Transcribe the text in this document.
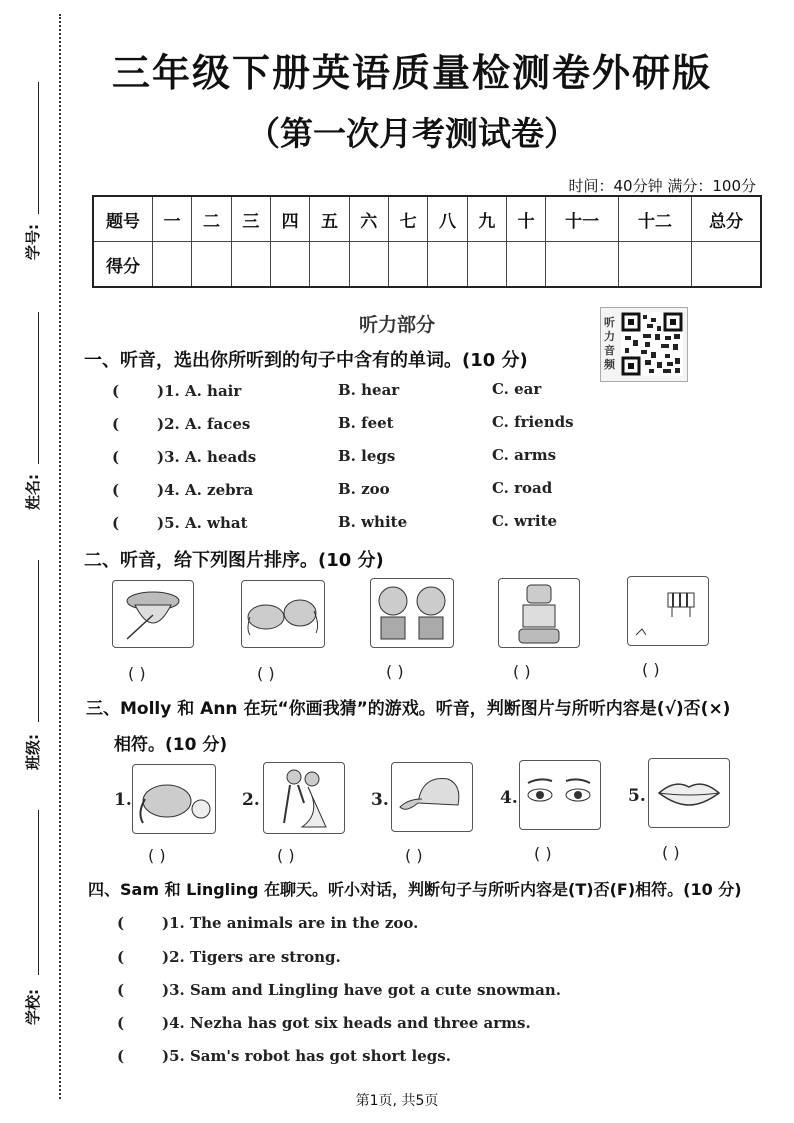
学号:
姓名:
班级:
学校:
三年级下册英语质量检测卷外研版
（第一次月考测试卷）
时间：40分钟 满分：100分
题号	一	二	三	四	五	六	七	八	九	十	十一	十二	总分
得分													
听力部分	听力音频
一、听音，选出你所听到的句子中含有的单词。(10 分)
(	)1. A. hair	B. hear	C. ear
(	)2. A. faces	B. feet	C. friends
(	)3. A. heads	B. legs	C. arms
(	)4. A. zebra	B. zoo	C. road
(	)5. A. what	B. white	C. write
二、听音，给下列图片排序。(10 分)
( )	( )	( )	( )	( )
三、Molly 和 Ann 在玩“你画我猜”的游戏。听音，判断图片与所听内容是(√)否(×)
相符。(10 分)
1.	2.	3.	4.	5.
( )	( )	( )	( )	( )
四、Sam 和 Lingling 在聊天。听小对话，判断句子与所听内容是(T)否(F)相符。(10 分)
(	)1. The animals are in the zoo.
(	)2. Tigers are strong.
(	)3. Sam and Lingling have got a cute snowman.
(	)4. Nezha has got six heads and three arms.
(	)5. Sam's robot has got short legs.
第1页, 共5页
